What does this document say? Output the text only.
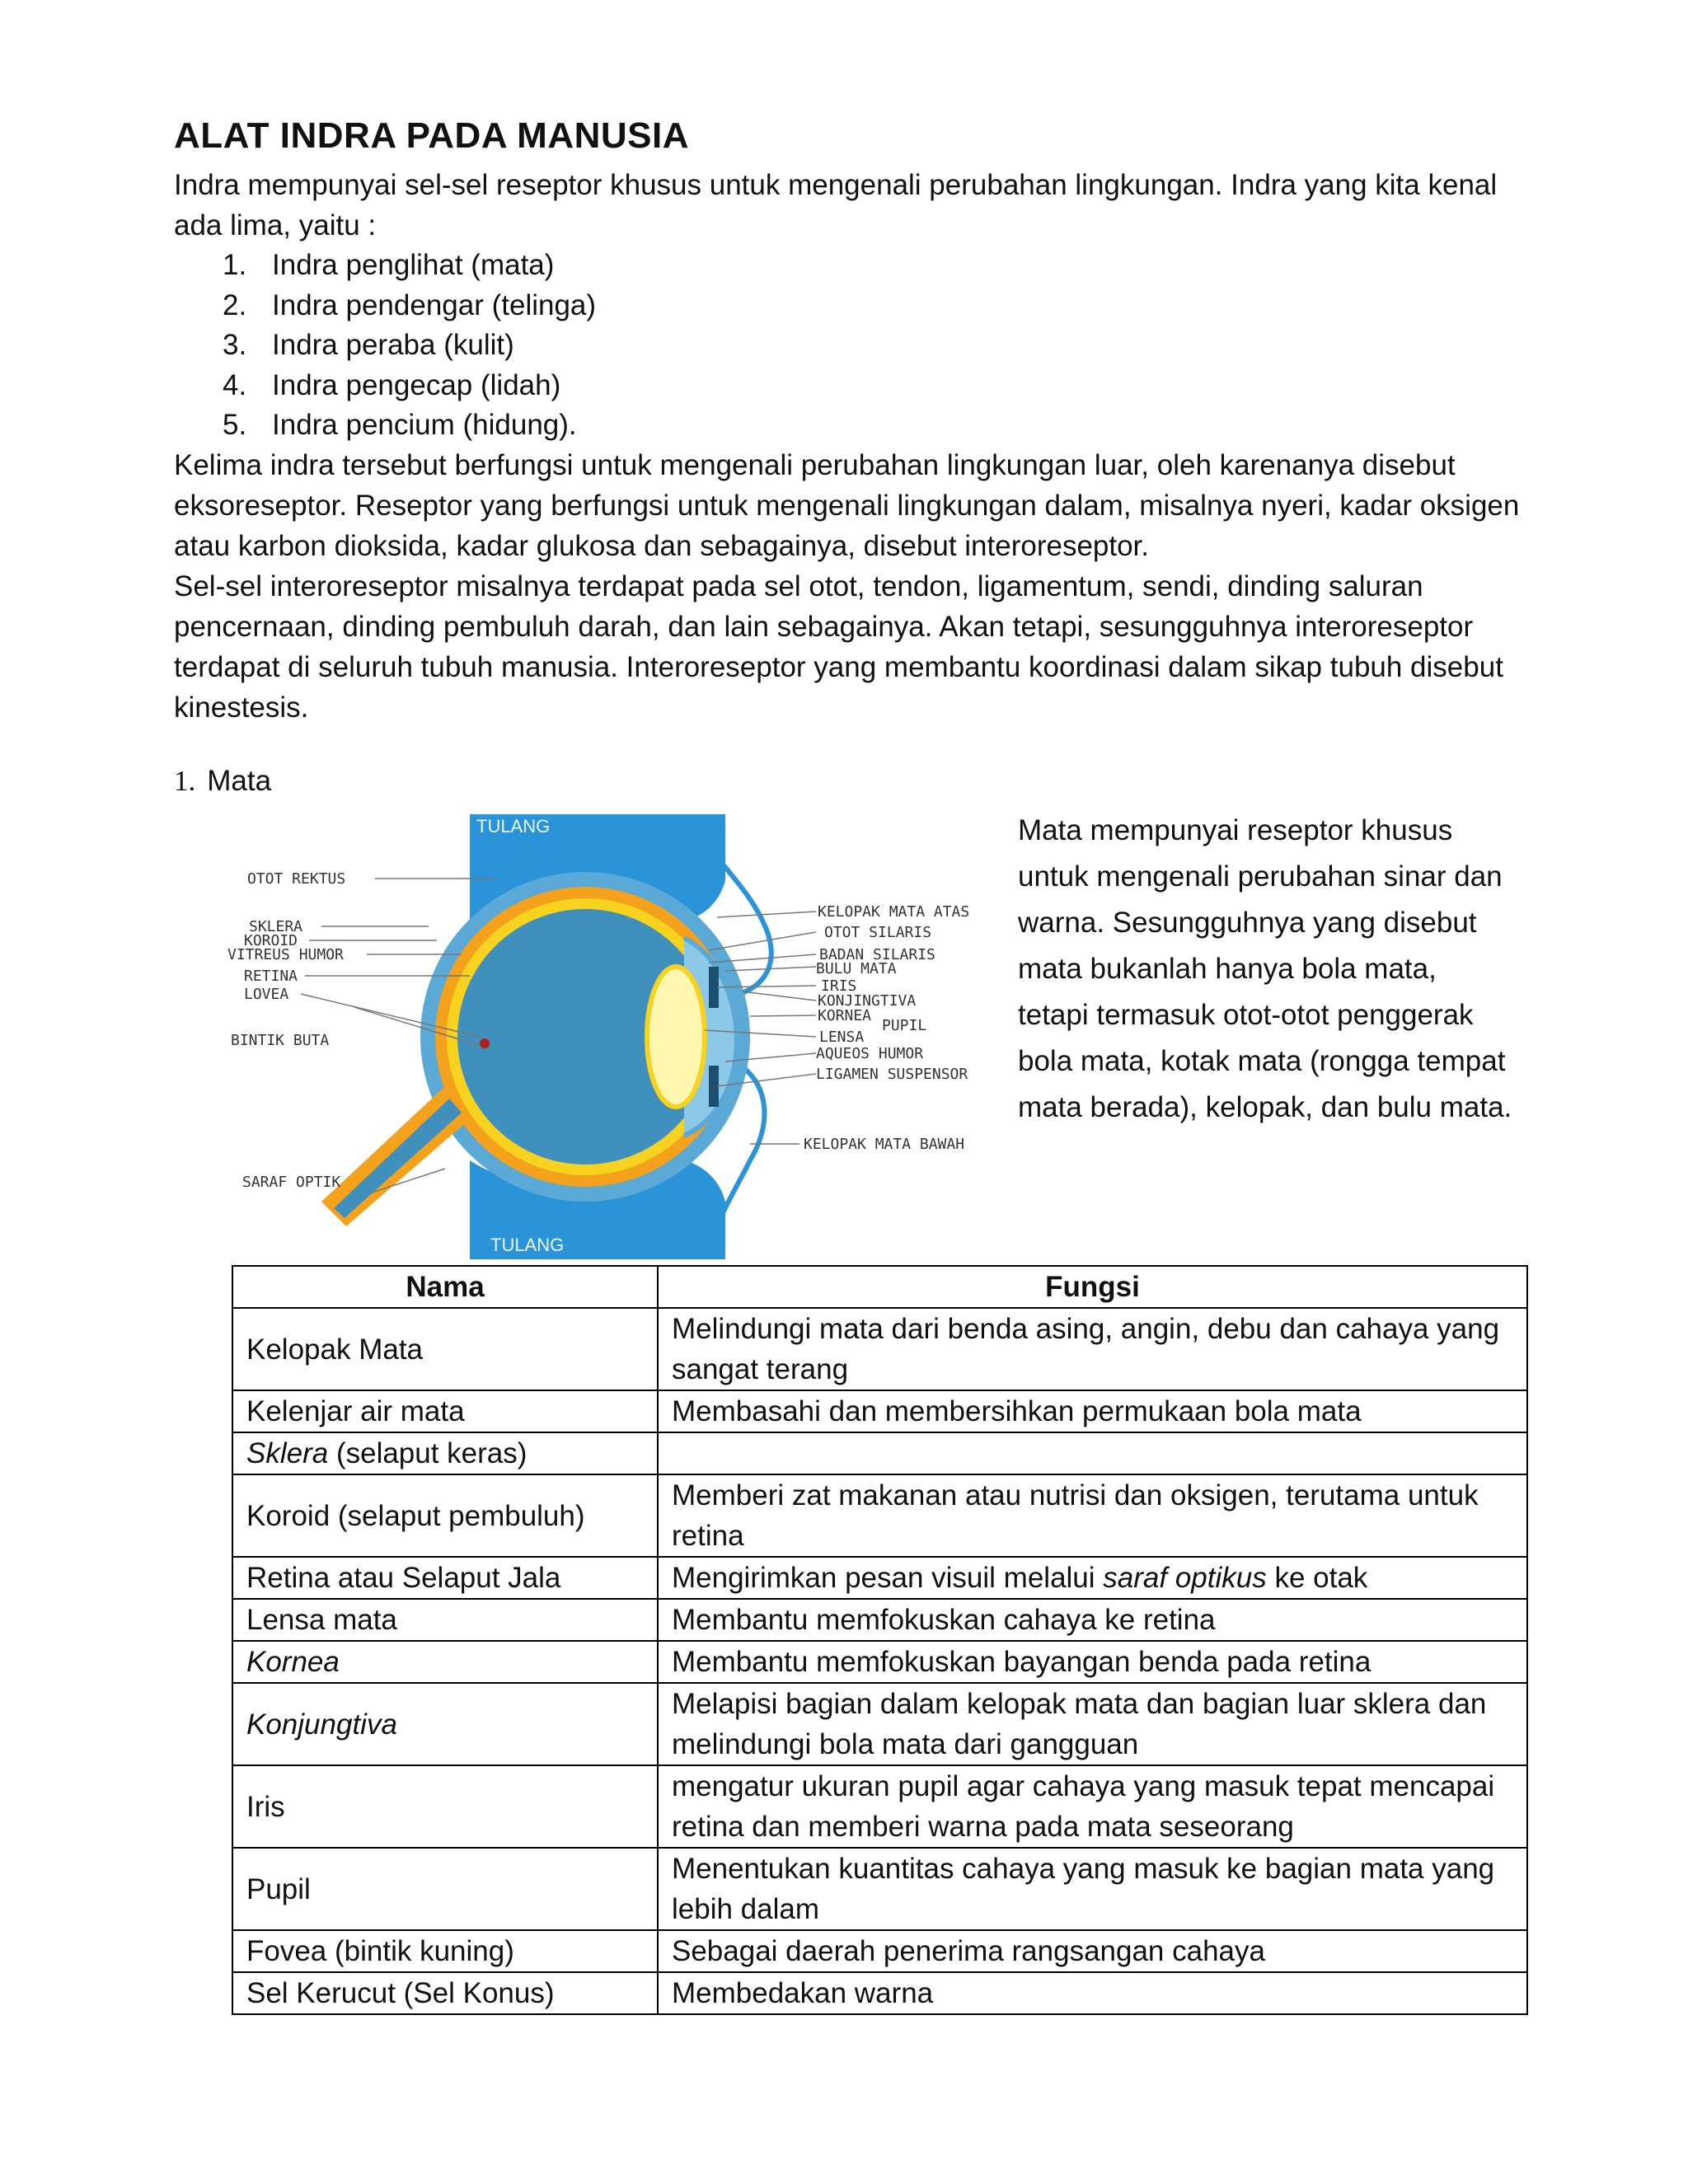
ALAT INDRA PADA MANUSIA
Indra mempunyai sel-sel reseptor khusus untuk mengenali perubahan lingkungan. Indra yang kita kenal ada lima, yaitu :
1. Indra penglihat (mata)
2. Indra pendengar (telinga)
3. Indra peraba (kulit)
4. Indra pengecap (lidah)
5. Indra pencium (hidung).
Kelima indra tersebut berfungsi untuk mengenali perubahan lingkungan luar, oleh karenanya disebut eksoreseptor. Reseptor yang berfungsi untuk mengenali lingkungan dalam, misalnya nyeri, kadar oksigen atau karbon dioksida, kadar glukosa dan sebagainya, disebut interoreseptor.
Sel-sel interoreseptor misalnya terdapat pada sel otot, tendon, ligamentum, sendi, dinding saluran pencernaan, dinding pembuluh darah, dan lain sebagainya. Akan tetapi, sesungguhnya interoreseptor terdapat di seluruh tubuh manusia. Interoreseptor yang membantu koordinasi dalam sikap tubuh disebut kinestesis.
1. Mata
TULANG
TULANG
OTOT REKTUS
SKLERA
KOROID
VITREUS HUMOR
RETINA
LOVEA
BINTIK BUTA
SARAF OPTIK
KELOPAK MATA ATAS
OTOT SILARIS
BADAN SILARIS
BULU MATA
IRIS
KONJINGTIVA
KORNEA
PUPIL
LENSA
AQUEOS HUMOR
LIGAMEN SUSPENSOR
KELOPAK MATA BAWAH
Mata mempunyai reseptor khusus untuk mengenali perubahan sinar dan warna. Sesungguhnya yang disebut mata bukanlah hanya bola mata, tetapi termasuk otot-otot penggerak bola mata, kotak mata (rongga tempat mata berada), kelopak, dan bulu mata.
Nama	Fungsi
Kelopak Mata	Melindungi mata dari benda asing, angin, debu dan cahaya yang sangat terang
Kelenjar air mata	Membasahi dan membersihkan permukaan bola mata
Sklera (selaput keras)	
Koroid (selaput pembuluh)	Memberi zat makanan atau nutrisi dan oksigen, terutama untuk retina
Retina atau Selaput Jala	Mengirimkan pesan visuil melalui saraf optikus ke otak
Lensa mata	Membantu memfokuskan cahaya ke retina
Kornea	Membantu memfokuskan bayangan benda pada retina
Konjungtiva	Melapisi bagian dalam kelopak mata dan bagian luar sklera dan melindungi bola mata dari gangguan
Iris	mengatur ukuran pupil agar cahaya yang masuk tepat mencapai retina dan memberi warna pada mata seseorang
Pupil	Menentukan kuantitas cahaya yang masuk ke bagian mata yang lebih dalam
Fovea (bintik kuning)	Sebagai daerah penerima rangsangan cahaya
Sel Kerucut (Sel Konus)	Membedakan warna
